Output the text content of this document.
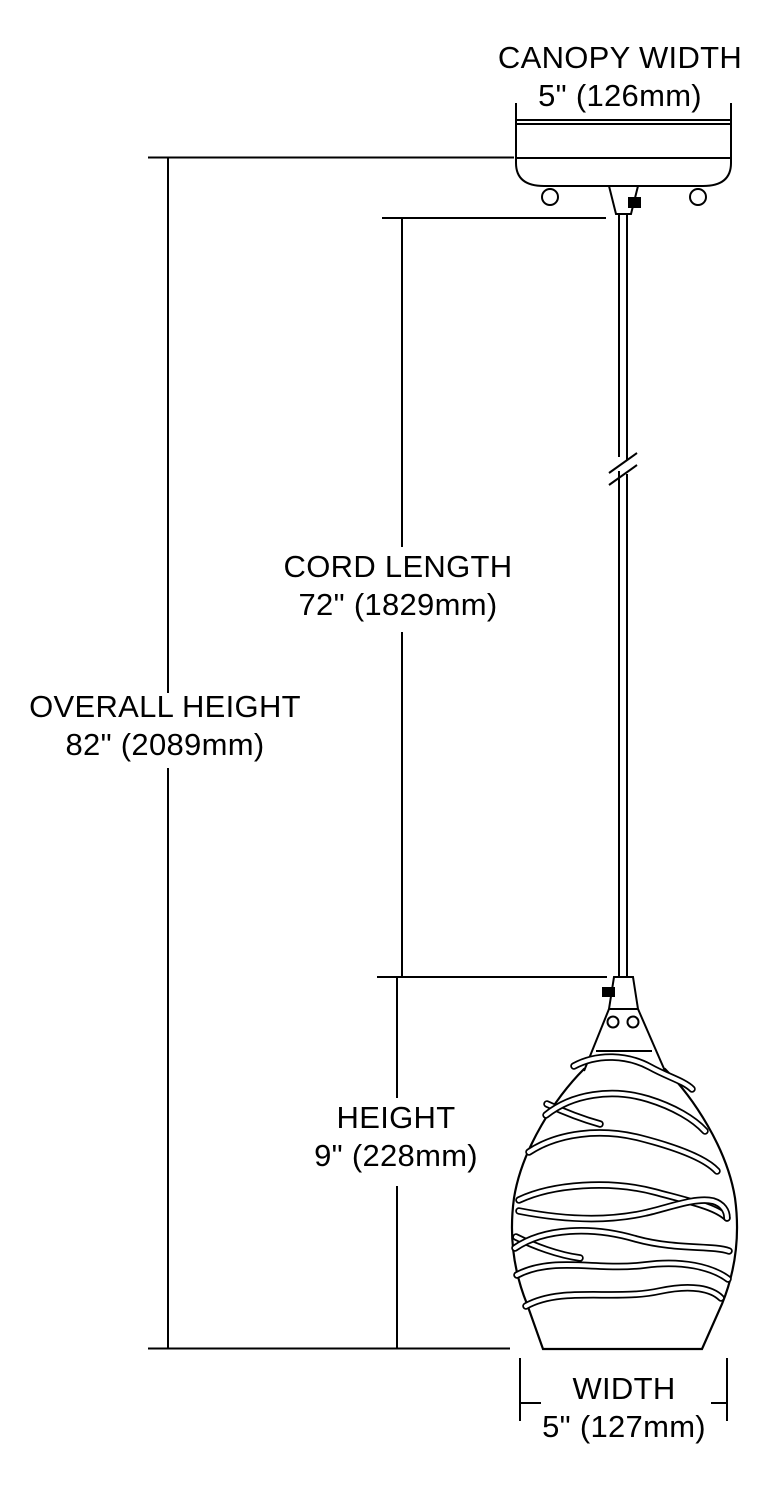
CANOPY WIDTH
5" (126mm)
CORD LENGTH
72" (1829mm)
OVERALL HEIGHT
82" (2089mm)
HEIGHT
9" (228mm)
WIDTH
5" (127mm)
